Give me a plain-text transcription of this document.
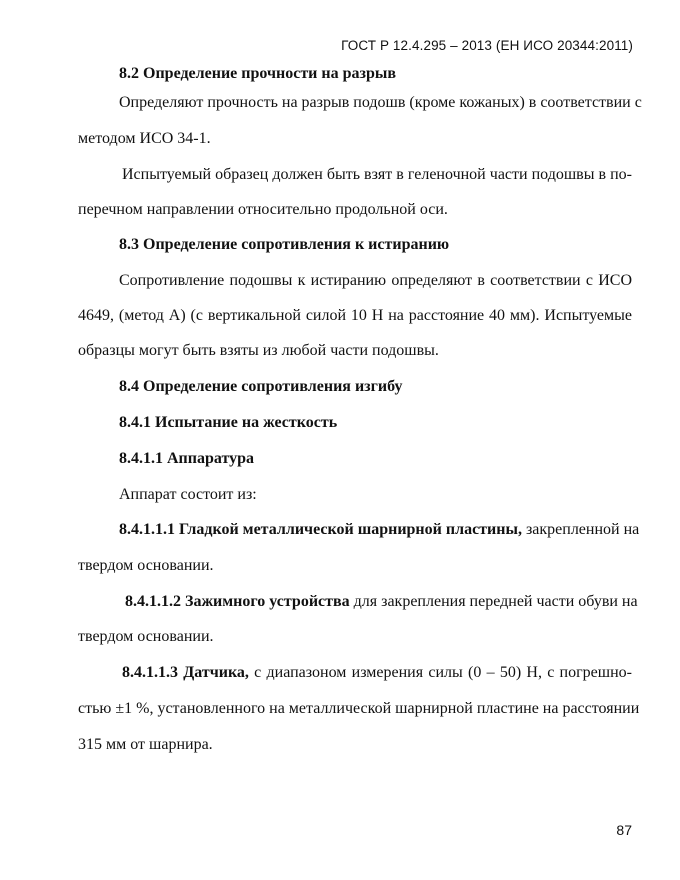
ГОСТ Р 12.4.295 – 2013 (ЕН ИСО 20344:2011)
8.2 Определение прочности на разрыв
Определяют прочность на разрыв подошв (кроме кожаных) в соответствии с
методом ИСО 34-1.
Испытуемый образец должен быть взят в геленочной части подошвы в по-
перечном направлении относительно продольной оси.
8.3 Определение сопротивления к истиранию
Сопротивление подошвы к истиранию определяют в соответствии с ИСО
4649, (метод А) (с вертикальной силой 10 Н на расстояние 40 мм). Испытуемые
образцы могут быть взяты из любой части подошвы.
8.4 Определение сопротивления изгибу
8.4.1 Испытание на жесткость
8.4.1.1 Аппаратура
Аппарат состоит из:
8.4.1.1.1 Гладкой металлической шарнирной пластины, закрепленной на
твердом основании.
8.4.1.1.2 Зажимного устройства для закрепления передней части обуви на
твердом основании.
8.4.1.1.3 Датчика, с диапазоном измерения силы (0 – 50) Н, с погрешно-
стью ±1 %, установленного на металлической шарнирной пластине на расстоянии
315 мм от шарнира.
87
